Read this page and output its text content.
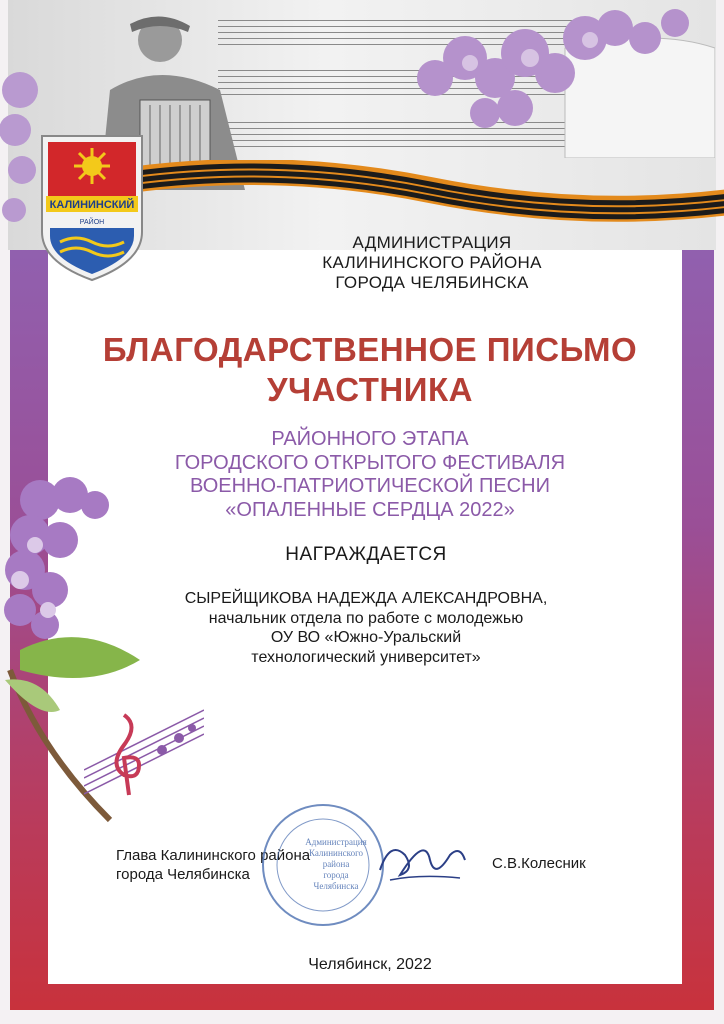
КАЛИНИНСКИЙ
РАЙОН
АДМИНИСТРАЦИЯ
КАЛИНИНСКОГО РАЙОНА
ГОРОДА ЧЕЛЯБИНСКА
БЛАГОДАРСТВЕННОЕ ПИСЬМО
УЧАСТНИКА
РАЙОННОГО ЭТАПА
ГОРОДСКОГО ОТКРЫТОГО ФЕСТИВАЛЯ
ВОЕННО-ПАТРИОТИЧЕСКОЙ ПЕСНИ
«ОПАЛЕННЫЕ СЕРДЦА 2022»
НАГРАЖДАЕТСЯ
СЫРЕЙЩИКОВА НАДЕЖДА АЛЕКСАНДРОВНА,
начальник отдела по работе с молодежью
ОУ ВО «Южно-Уральский
технологический университет»
Глава Калининского района
города Челябинска
Администрация
Калининского
района
города
Челябинска
С.В.Колесник
Челябинск, 2022
